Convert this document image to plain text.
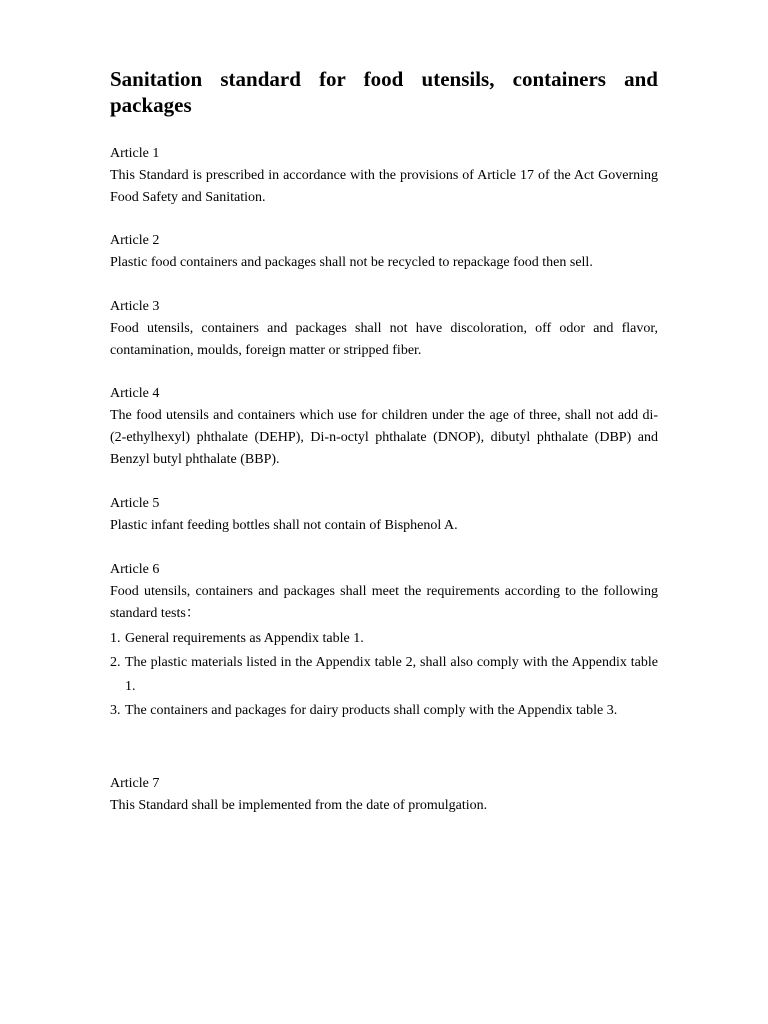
Sanitation standard for food utensils, containers and packages

Article 1

This Standard is prescribed in accordance with the provisions of Article 17 of the Act Governing Food Safety and Sanitation.

Article 2

Plastic food containers and packages shall not be recycled to repackage food then sell.

Article 3

Food utensils, containers and packages shall not have discoloration, off odor and flavor, contamination, moulds, foreign matter or stripped fiber.

Article 4

The food utensils and containers which use for children under the age of three, shall not add di-(2-ethylhexyl) phthalate (DEHP), Di-n-octyl phthalate (DNOP), dibutyl phthalate (DBP) and Benzyl butyl phthalate (BBP).

Article 5

Plastic infant feeding bottles shall not contain of Bisphenol A.

Article 6

Food utensils, containers and packages shall meet the requirements according to the following standard tests：

1. General requirements as Appendix table 1.
2. The plastic materials listed in the Appendix table 2, shall also comply with the Appendix table 1.
3. The containers and packages for dairy products shall comply with the Appendix table 3.

Article 7

This Standard shall be implemented from the date of promulgation.
